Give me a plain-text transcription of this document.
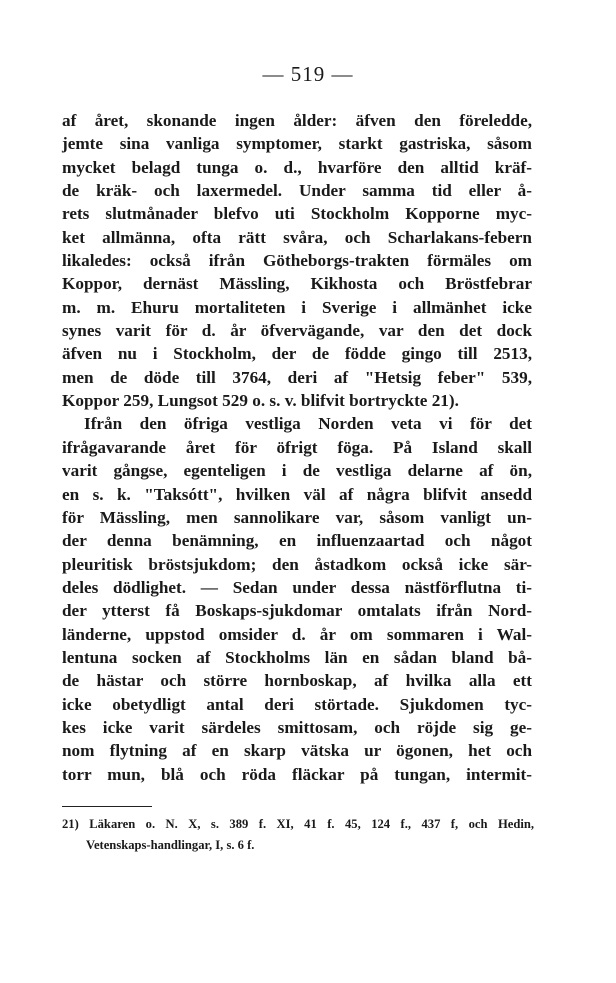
— 519 —
af året, skonande ingen ålder: äfven den föreledde,
jemte sina vanliga symptomer, starkt gastriska, såsom
mycket belagd tunga o. d., hvarföre den alltid kräf-
de kräk- och laxermedel. Under samma tid eller å-
rets slutmånader blefvo uti Stockholm Kopporne myc-
ket allmänna, ofta rätt svåra, och Scharlakans-febern
likaledes: också ifrån Götheborgs-trakten förmäles om
Koppor, dernäst Mässling, Kikhosta och Bröstfebrar
m. m. Ehuru mortaliteten i Sverige i allmänhet icke
synes varit för d. år öfvervägande, var den det dock
äfven nu i Stockholm, der de födde gingo till 2513,
men de döde till 3764, deri af "Hetsig feber" 539,
Koppor 259, Lungsot 529 o. s. v. blifvit bortryckte 21).
Ifrån den öfriga vestliga Norden veta vi för det
ifrågavarande året för öfrigt föga. På Island skall
varit gångse, egenteligen i de vestliga delarne af ön,
en s. k. "Taksótt", hvilken väl af några blifvit ansedd
för Mässling, men sannolikare var, såsom vanligt un-
der denna benämning, en influenzaartad och något
pleuritisk bröstsjukdom; den åstadkom också icke sär-
deles dödlighet. — Sedan under dessa nästförflutna ti-
der ytterst få Boskaps-sjukdomar omtalats ifrån Nord-
länderne, uppstod omsider d. år om sommaren i Wal-
lentuna socken af Stockholms län en sådan bland bå-
de hästar och större hornboskap, af hvilka alla ett
icke obetydligt antal deri störtade. Sjukdomen tyc-
kes icke varit särdeles smittosam, och röjde sig ge-
nom flytning af en skarp vätska ur ögonen, het och
torr mun, blå och röda fläckar på tungan, intermit-
21) Läkaren o. N. X, s. 389 f. XI, 41 f. 45, 124 f., 437 f, och Hedin,
Vetenskaps-handlingar, I, s. 6 f.
